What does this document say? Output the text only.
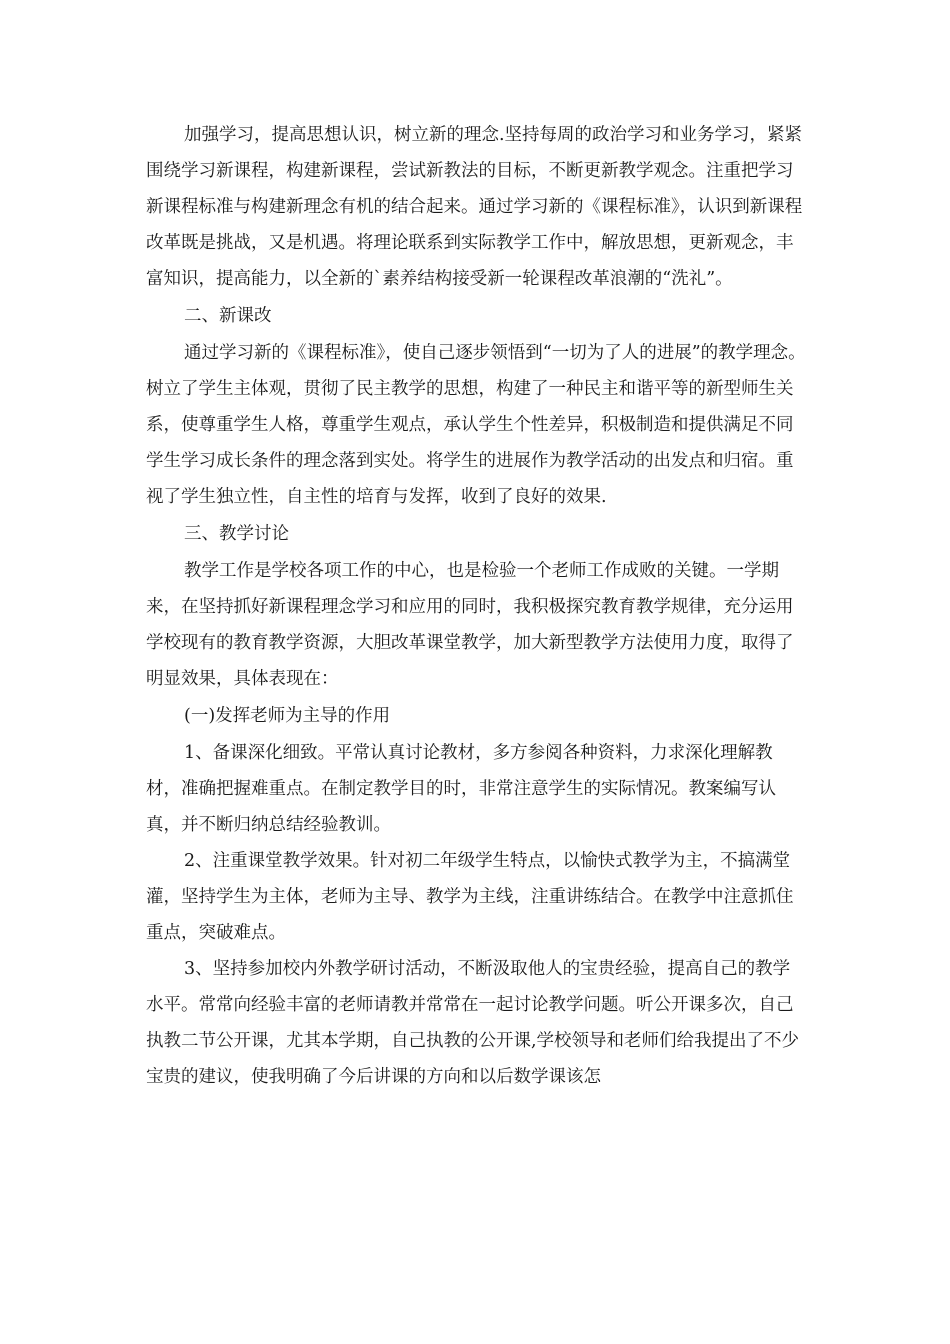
加强学习，提高思想认识，树立新的理念.坚持每周的政治学习和业务学习，紧紧围绕学习新课程，构建新课程，尝试新教法的目标，不断更新教学观念。注重把学习新课程标准与构建新理念有机的结合起来。通过学习新的《课程标准》，认识到新课程改革既是挑战，又是机遇。将理论联系到实际教学工作中，解放思想，更新观念，丰富知识，提高能力，以全新的`素养结构接受新一轮课程改革浪潮的“洗礼”。

二、新课改

通过学习新的《课程标准》，使自己逐步领悟到“一切为了人的进展”的教学理念。树立了学生主体观，贯彻了民主教学的思想，构建了一种民主和谐平等的新型师生关系，使尊重学生人格，尊重学生观点，承认学生个性差异，积极制造和提供满足不同学生学习成长条件的理念落到实处。将学生的进展作为教学活动的出发点和归宿。重视了学生独立性，自主性的培育与发挥，收到了良好的效果.

三、教学讨论

教学工作是学校各项工作的中心，也是检验一个老师工作成败的关键。一学期来，在坚持抓好新课程理念学习和应用的同时，我积极探究教育教学规律，充分运用学校现有的教育教学资源，大胆改革课堂教学，加大新型教学方法使用力度，取得了明显效果，具体表现在：

(一)发挥老师为主导的作用

1、备课深化细致。平常认真讨论教材，多方参阅各种资料，力求深化理解教材，准确把握难重点。在制定教学目的时，非常注意学生的实际情况。教案编写认真，并不断归纳总结经验教训。

2、注重课堂教学效果。针对初二年级学生特点，以愉快式教学为主，不搞满堂灌，坚持学生为主体，老师为主导、教学为主线，注重讲练结合。在教学中注意抓住重点，突破难点。

3、坚持参加校内外教学研讨活动，不断汲取他人的宝贵经验，提高自己的教学水平。常常向经验丰富的老师请教并常常在一起讨论教学问题。听公开课多次，自己执教二节公开课，尤其本学期，自己执教的公开课,学校领导和老师们给我提出了不少宝贵的建议，使我明确了今后讲课的方向和以后数学课该怎
